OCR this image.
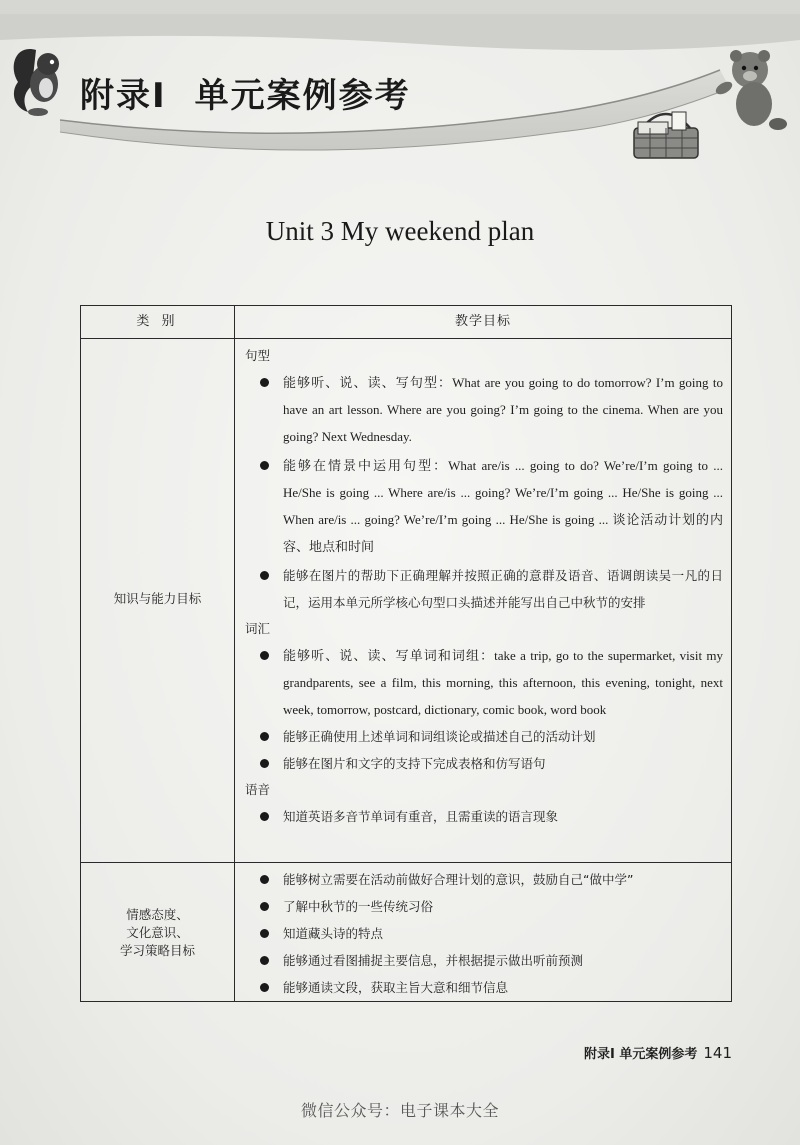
附录I 单元案例参考
Unit 3 My weekend plan
类 别	教学目标
知识与能力目标
句型
能够听、说、读、写句型：What are you going to do tomorrow? I’m going to have an art lesson. Where are you going? I’m going to the cinema. When are you going? Next Wednesday.
能够在情景中运用句型：What are/is ... going to do? We’re/I’m going to ... He/She is going ... Where are/is ... going? We’re/I’m going ... He/She is going ... When are/is ... going? We’re/I’m going ... He/She is going ... 谈论活动计划的内容、地点和时间
能够在图片的帮助下正确理解并按照正确的意群及语音、语调朗读吴一凡的日记，运用本单元所学核心句型口头描述并能写出自己中秋节的安排
词汇
能够听、说、读、写单词和词组：take a trip, go to the supermarket, visit my grandparents, see a film, this morning, this afternoon, this evening, tonight, next week, tomorrow, postcard, dictionary, comic book, word book
能够正确使用上述单词和词组谈论或描述自己的活动计划
能够在图片和文字的支持下完成表格和仿写语句
语音
知道英语多音节单词有重音，且需重读的语言现象
情感态度、
文化意识、
学习策略目标
能够树立需要在活动前做好合理计划的意识，鼓励自己“做中学”
了解中秋节的一些传统习俗
知道藏头诗的特点
能够通过看图捕捉主要信息，并根据提示做出听前预测
能够通读文段，获取主旨大意和细节信息
附录I 单元案例参考 141
微信公众号：电子课本大全
